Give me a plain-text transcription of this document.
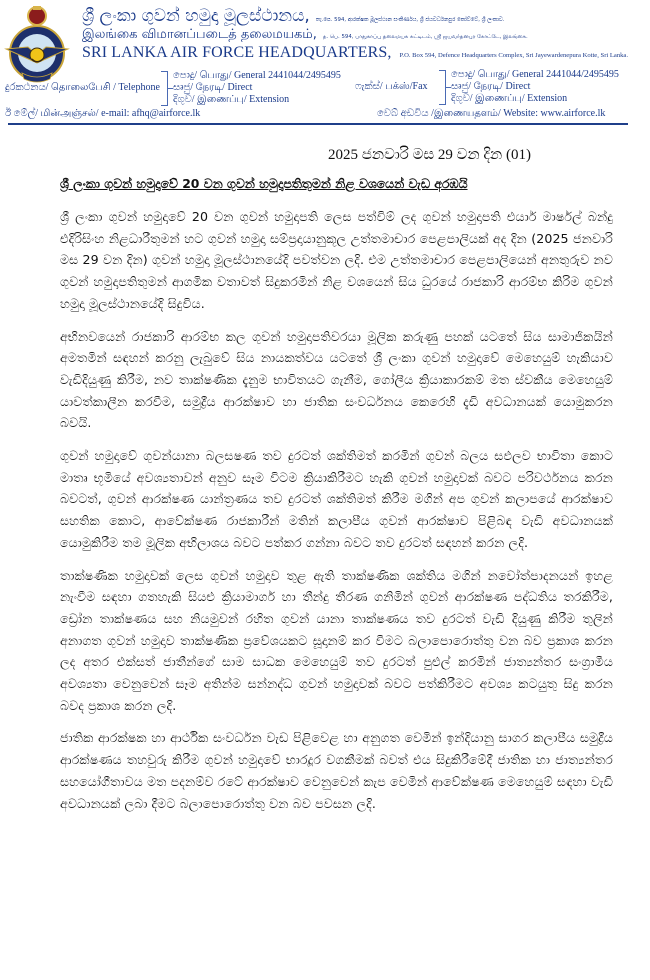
ශ්‍රී ලංකා ගුවන් හමුදා මූලස්ථානය, තැ.පෙ. 594, ආරක්ෂක මූලස්ථාන සංකීර්ණය, ශ්‍රී ජයවර්ධනපුර කෝට්ටේ, ශ්‍රී ලංකාව.
இலங்கை விமானப்படைத் தலைமயகம், த. பெ. 594, பாதுகாப்பு தலைமயக கட்டிடம், ஸ்ரீ ஜயவர்தனபுர கோட்டே, இலங்கை.
SRI LANKA AIR FORCE HEADQUARTERS, P.O. Box 594, Defence Headquarters Complex, Sri Jayewardenepura Kotte, Sri Lanka.
දුරකථනය/ தொலைபேசி / Telephone
පොදු/ பொது/ General 2441044/2495495
සෘජු/ நேரடி/ Direct
දිගුව/ இணைப்பு/ Extension
ෆැක්ස්/ பக்ஸ்/Fax
පොදු/ பொது/ General 2441044/2495495
සෘජු/ நேரடி/ Direct
දිගුව/ இணைப்பு/ Extension
ඊ මේල්/ மின்அஞ்சல்/ e-mail: afhq@airforce.lk	වෙබ් අඩවිය /இணையதளம்/ Website: www.airforce.lk
2025 ජනවාරි මස 29 වන දින (01)
ශ්‍රී ලංකා ගුවන් හමුදාවේ 20 වන ගුවන් හමුදාපතිතුමන් නිළ වශයෙන් වැඩ අරඹයි

ශ්‍රී ලංකා ගුවන් හමුදාවේ 20 වන ගුවන් හමුදාපති ලෙස පත්විම් ලද ගුවන් හමුදාපති එයාර් මාර්ෂල් බන්දු එදිරිසිංහ නිළධාරීතුමන් හට ගුවන් හමුදා සම්ප්‍රදායානුකූල උත්තමාචාර පෙළපාලියක් අද දින (2025 ජනවාරි මස 29 වන දින) ගුවන් හමුදා මූලස්ථානයේදි පවත්වන ලදි. එම උත්තමාචාර පෙළපාලියෙන් අනතුරුව නව ගුවන් හමුදාපතිතුමන් ආගමික වතාවත් සිදුකරමින් නිළ වශයෙන් සිය ධුරයේ රාජකාරි ආරම්භ කිරිම ගුවන් හමුදා මූලස්ථානයේදි සිදුවිය.

අභිනවයෙන් රාජකාරි ආරම්භ කල ගුවන් හමුදාපතිවරයා මූලික කරුණු පහක් යටතේ සිය සාමාජිකයින් අමතමින් සඳහන් කරනු ලැබුවේ සිය නායකත්වය යටතේ ශ්‍රී ලංකා ගුවන් හමුදාවේ මෙහෙයුම් හැකියාව වැඩිදියුණු කිරීම, නව තාක්ෂණික දැනුම භාවිතයට ගැනීම, ගෝලීය ක්‍රියාකාරකම් මත ස්වකීය මෙහෙයුම් යාවත්කාලීන කරවීම, සමුද්‍රීය ආරක්ෂාව හා ජාතික සංවර්ධනය කෙරෙහි දැඩි අවධානයක් යොමුකරන බවයි.

ගුවන් හමුදාවේ ගුවන්යානා බලසෂණ තව දුරටත් ශක්තිමත් කරමින් ගුවන් බලය සඵලව භාවිතා කොට මාතෘ භූමියේ අවශ්‍යතාවන් අනුව සෑම විටම ක්‍රියාකිරීමට හැකි ගුවන් හමුදාවක් බවට පරිවර්ථනය කරන බවටත්, ගුවන් ආරක්ෂණ යාන්ත්‍රණය තව දුරටත් ශක්තිමත් කිරීම මගින් අප ගුවන් කලාපයේ ආරක්ෂාව සහතික කොට, ආවේක්ෂණ රාජකාරීන් මතින් කලාපීය ගුවන් ආරක්ෂාව පිළිබඳ වැඩි අවධානයක් යොමුකිරීම තම මූලික අභිලාශය බවට පත්කර ගන්නා බවට තව දුරටත් සඳහන් කරන ලදි.

තාක්ෂණික හමුදාවක් ලෙස ගුවන් හමුදාව තුළ ඇති තාක්ෂණික ශක්තිය මගින් නවෝත්පාදනයන් ඉහළ නැංවීම සඳහා ගතහැකි සියළු ක්‍රියාමාර්ග හා තීන්දු තීරණ ගනිමින් ගුවන් ආරක්ෂණ පද්ධතිය තරකිරීම, ඩ්‍රෝන තාක්ෂණය සහ නියමුවන් රහිත ගුවන් යානා තාක්ෂණය තව දුරටත් වැඩි දියුණු කිරීම තුලින් අනාගත ගුවන් හමුදාව තාක්ෂණික ප්‍රවේශයකට සූදානම් කර වීමට බලාපොරොත්තු වන බව ප්‍රකාශ කරන ලද අතර එක්සත් ජාතීන්ගේ සාම සාධක මෙහෙයුම් තව දුරටත් පුළුල් කරමින් ජාත්‍යන්තර සංග්‍රාමීය අවශ්‍යතා වෙනුවෙන් සෑම අතින්ම සන්නද්ධ ගුවන් හමුදාවක් බවට පත්කිරීමට අවශ්‍ය කටයුතු සිදු කරන බවද ප්‍රකාශ කරන ලදි.

ජාතික ආරක්ෂක හා ආර්ථික සංවර්ධන වැඩ පිළිවෙළ හා අනුගත වෙමින් ඉන්දියානු සාගර කලාපීය සමුද්‍රීය ආරක්ෂණය තහවුරු කිරීම ගුවන් හමුදාවේ භාරදූර වගකීමක් බවත් එය සිදුකිරීමේදී ජාතික හා ජාත්‍යන්තර සහයෝගීතාවය මත පදනම්ව රටේ ආරක්ෂාව වෙනුවෙන් කැප වෙමින් ආවේක්ෂණ මෙහෙයුම් සඳහා වැඩි අවධානයක් ලබා දීමට බලාපොරොත්තු වන බව පවසන ලදි.
